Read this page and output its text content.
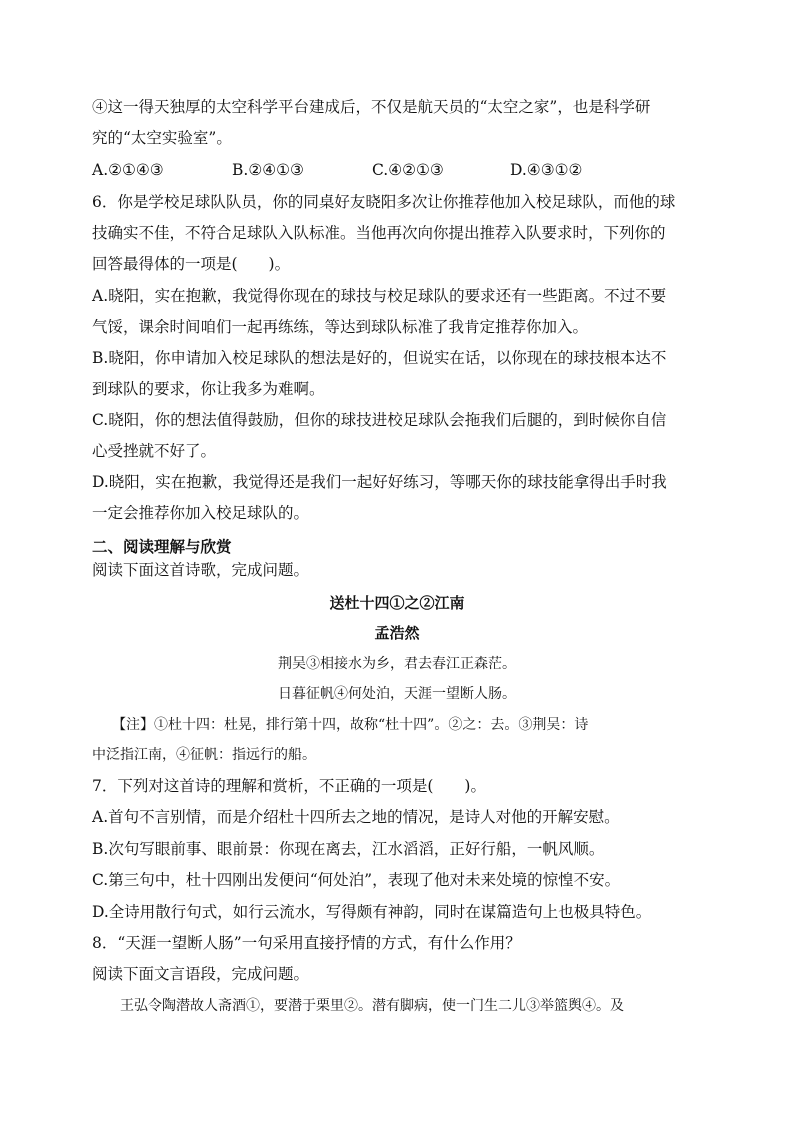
④这一得天独厚的太空科学平台建成后，不仅是航天员的“太空之家”，也是科学研
究的“太空实验室”。
A.②①④③	B.②④①③	C.④②①③	D.④③①②
6．你是学校足球队队员，你的同桌好友晓阳多次让你推荐他加入校足球队，而他的球
技确实不佳，不符合足球队入队标准。当他再次向你提出推荐入队要求时，下列你的
回答最得体的一项是(　　)。
A.晓阳，实在抱歉，我觉得你现在的球技与校足球队的要求还有一些距离。不过不要
气馁，课余时间咱们一起再练练，等达到球队标准了我肯定推荐你加入。
B.晓阳，你申请加入校足球队的想法是好的，但说实在话，以你现在的球技根本达不
到球队的要求，你让我多为难啊。
C.晓阳，你的想法值得鼓励，但你的球技进校足球队会拖我们后腿的，到时候你自信
心受挫就不好了。
D.晓阳，实在抱歉，我觉得还是我们一起好好练习，等哪天你的球技能拿得出手时我
一定会推荐你加入校足球队的。
二、阅读理解与欣赏
阅读下面这首诗歌，完成问题。
送杜十四①之②江南
孟浩然
荆吴③相接水为乡，君去春江正森茫。
日暮征帆④何处泊，天涯一望断人肠。
【注】①杜十四：杜晃，排行第十四，故称“杜十四”。②之：去。③荆吴：诗
中泛指江南，④征帆：指远行的船。
7．下列对这首诗的理解和赏析，不正确的一项是(　　)。
A.首句不言别情，而是介绍杜十四所去之地的情况，是诗人对他的开解安慰。
B.次句写眼前事、眼前景：你现在离去，江水滔滔，正好行船，一帆风顺。
C.第三句中，杜十四刚出发便问“何处泊”，表现了他对未来处境的惊惶不安。
D.全诗用散行句式，如行云流水，写得颇有神韵，同时在谋篇造句上也极具特色。
8．“天涯一望断人肠”一句采用直接抒情的方式，有什么作用？
阅读下面文言语段，完成问题。
王弘令陶潜故人斋酒①，要潜于栗里②。潜有脚病，使一门生二儿③举篮舆④。及
